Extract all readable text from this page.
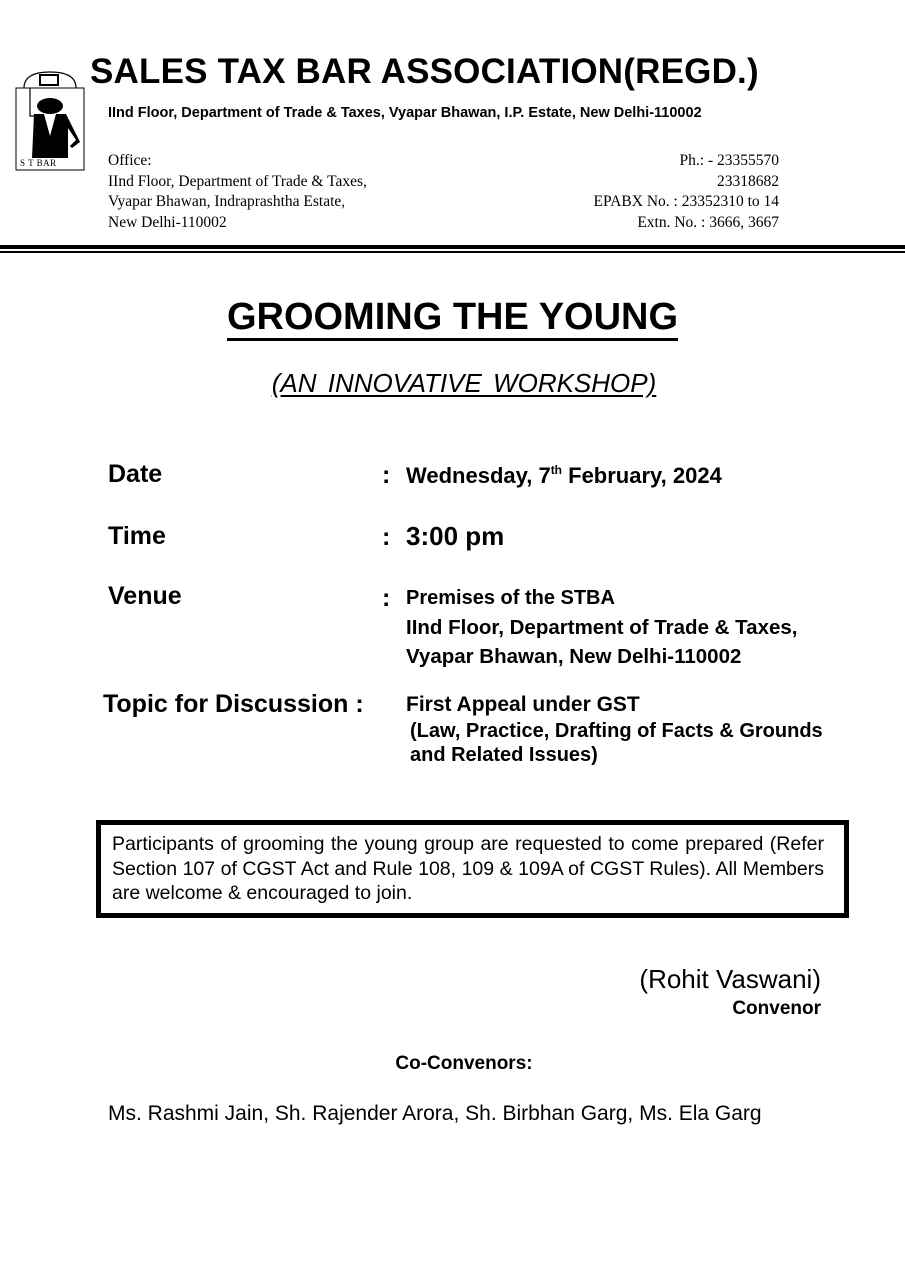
S T BAR
SALES TAX BAR ASSOCIATION(REGD.)
IInd Floor, Department of Trade & Taxes, Vyapar Bhawan, I.P. Estate, New Delhi-110002
Office:
IInd Floor, Department of Trade & Taxes,
Vyapar Bhawan, Indraprashtha Estate,
New Delhi-110002
Ph.: - 23355570
23318682
EPABX No. : 23352310 to 14
Extn. No. : 3666, 3667
GROOMING THE YOUNG
(AN INNOVATIVE WORKSHOP)
Date	: Wednesday, 7th February, 2024
Time	: 3:00 pm
Venue	: Premises of the STBA
IInd Floor, Department of Trade & Taxes,
Vyapar Bhawan, New Delhi-110002
Topic for Discussion : First Appeal under GST
(Law, Practice, Drafting of Facts & Grounds
and Related Issues)
Participants of grooming the young group are requested to come prepared (Refer Section 107 of CGST Act and Rule 108, 109 & 109A of CGST Rules). All Members are welcome & encouraged to join.
(Rohit Vaswani)
Convenor
Co-Convenors:
Ms. Rashmi Jain, Sh. Rajender Arora, Sh. Birbhan Garg, Ms. Ela Garg
